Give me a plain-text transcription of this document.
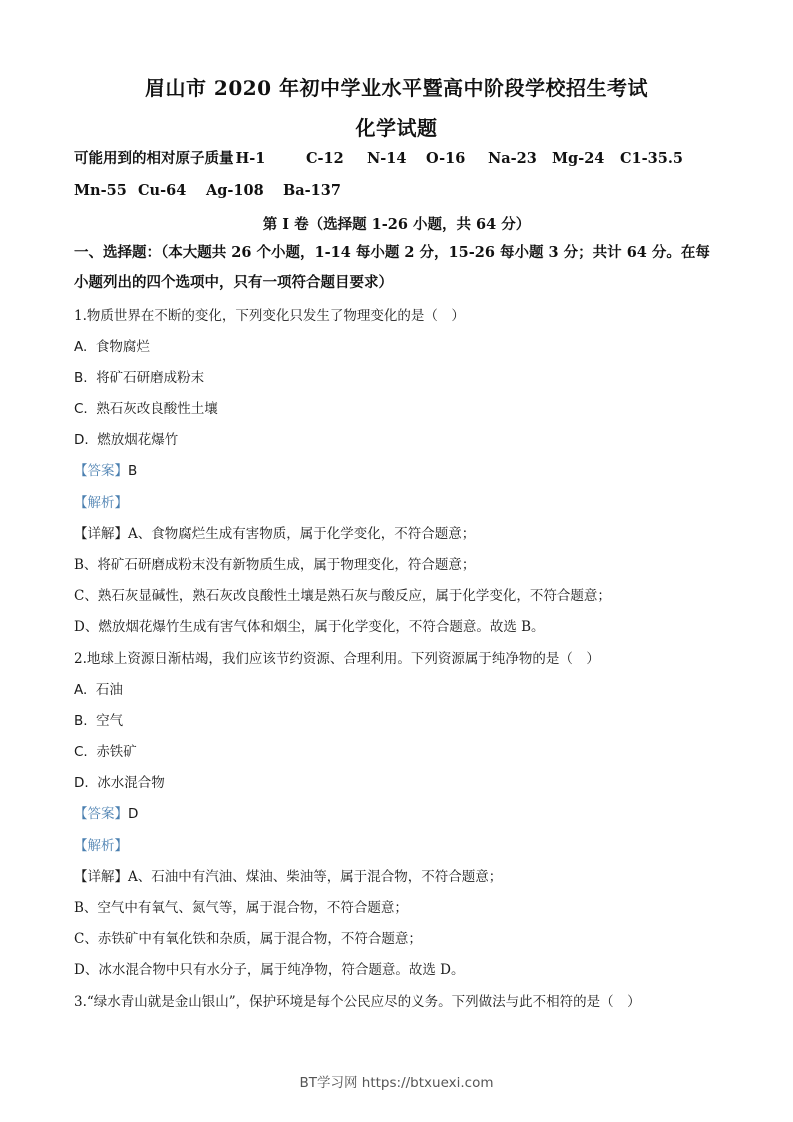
眉山市 2020 年初中学业水平暨高中阶段学校招生考试
化学试题
可能用到的相对原子质量 H-1	C-12 N-14 O-16 Na-23 Mg-24 C1-35.5
Mn-55 Cu-64 Ag-108 Ba-137
第 I 卷（选择题 1-26 小题，共 64 分）
一、选择题：（本大题共 26 个小题，1-14 每小题 2 分，15-26 每小题 3 分；共计 64 分。在每
小题列出的四个选项中，只有一项符合题目要求）
1.物质世界在不断的变化，下列变化只发生了物理变化的是（　）
A. 食物腐烂
B. 将矿石研磨成粉末
C. 熟石灰改良酸性土壤
D. 燃放烟花爆竹
【答案】B
【解析】
【详解】A、食物腐烂生成有害物质，属于化学变化，不符合题意；
B、将矿石研磨成粉末没有新物质生成，属于物理变化，符合题意；
C、熟石灰显碱性，熟石灰改良酸性土壤是熟石灰与酸反应，属于化学变化，不符合题意；
D、燃放烟花爆竹生成有害气体和烟尘，属于化学变化，不符合题意。故选 B。
2.地球上资源日渐枯竭，我们应该节约资源、合理利用。下列资源属于纯净物的是（　）
A. 石油
B. 空气
C. 赤铁矿
D. 冰水混合物
【答案】D
【解析】
【详解】A、石油中有汽油、煤油、柴油等，属于混合物，不符合题意；
B、空气中有氧气、氮气等，属于混合物，不符合题意；
C、赤铁矿中有氧化铁和杂质，属于混合物，不符合题意；
D、冰水混合物中只有水分子，属于纯净物，符合题意。故选 D。
3.“绿水青山就是金山银山”，保护环境是每个公民应尽的义务。下列做法与此不相符的是（　）
BT学习网 https://btxuexi.com
